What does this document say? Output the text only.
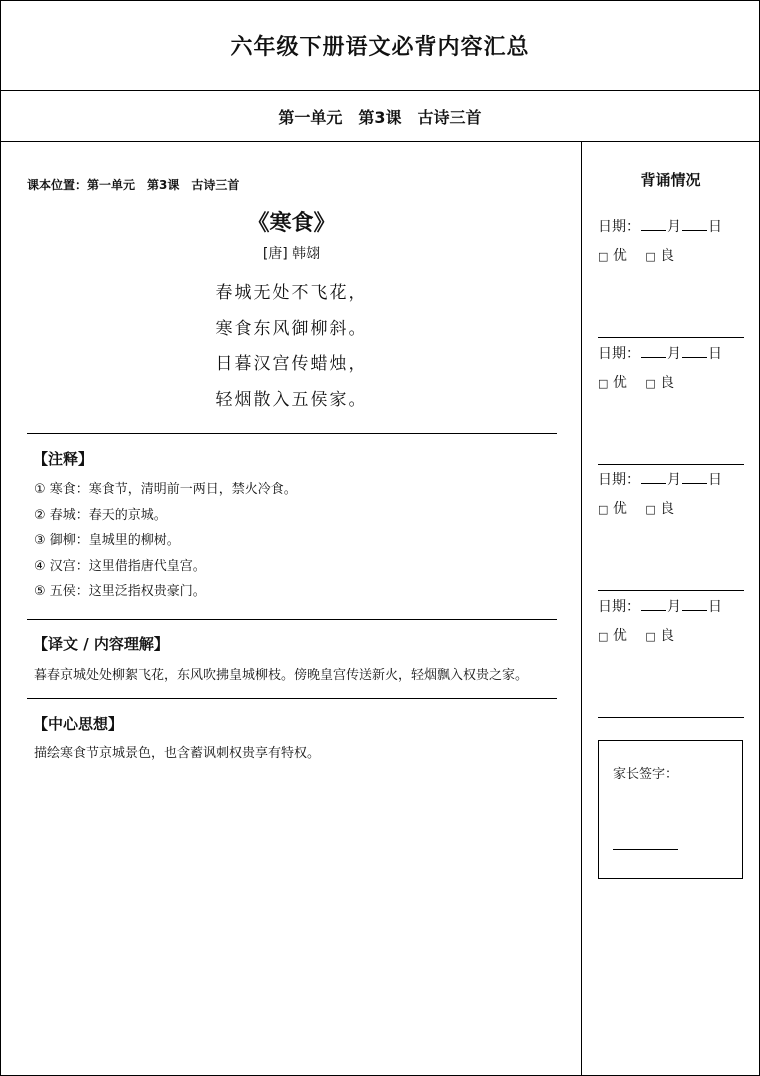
六年级下册语文必背内容汇总
第一单元　第3课　古诗三首
课本位置：第一单元　第3课　古诗三首
《寒食》
[唐] 韩翃
春城无处不飞花，
寒食东风御柳斜。
日暮汉宫传蜡烛，
轻烟散入五侯家。
【注释】
① 寒食：寒食节，清明前一两日，禁火冷食。
② 春城：春天的京城。
③ 御柳：皇城里的柳树。
④ 汉宫：这里借指唐代皇宫。
⑤ 五侯：这里泛指权贵豪门。
【译文 / 内容理解】
暮春京城处处柳絮飞花，东风吹拂皇城柳枝。傍晚皇宫传送新火，轻烟飘入权贵之家。
【中心思想】
描绘寒食节京城景色，也含蓄讽刺权贵享有特权。
背诵情况
日期： 月 日
□ 优　 □ 良
日期： 月 日
□ 优　 □ 良
日期： 月 日
□ 优　 □ 良
日期： 月 日
□ 优　 □ 良
家长签字：
